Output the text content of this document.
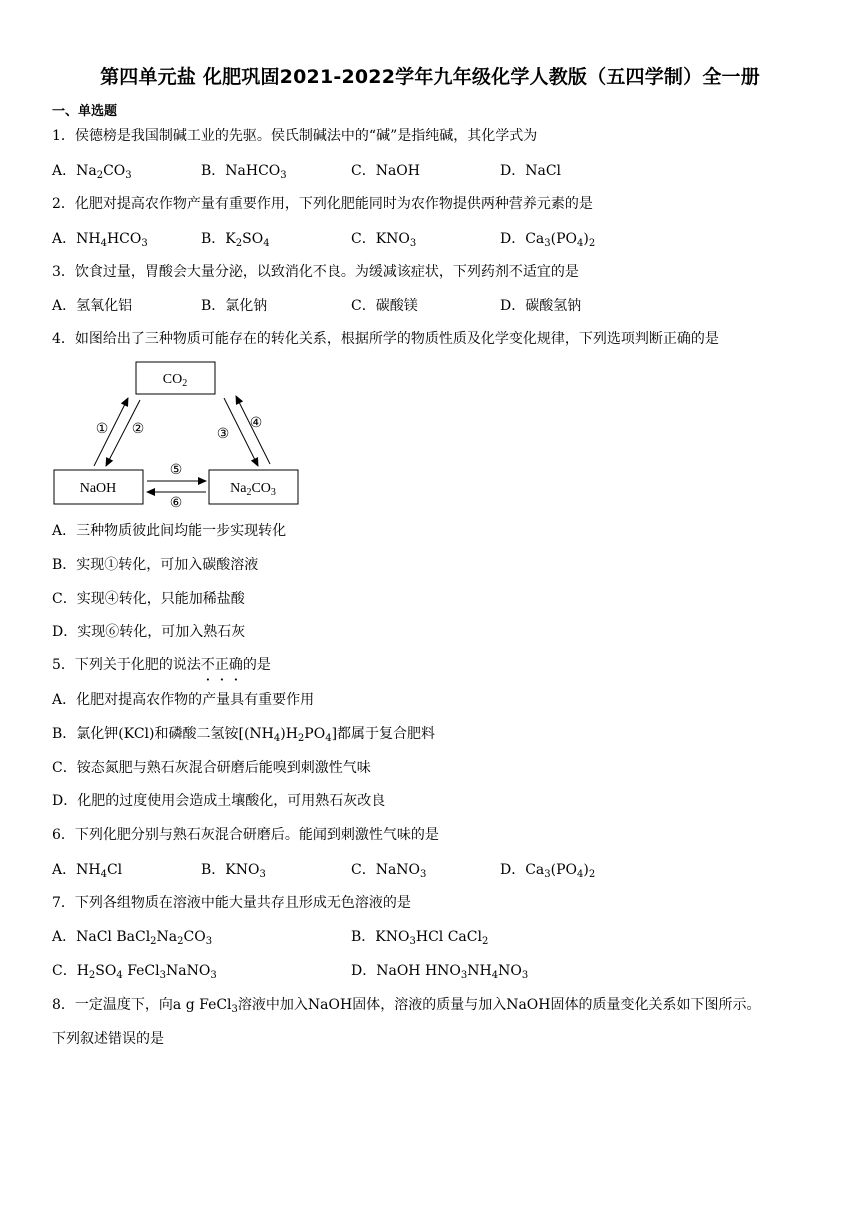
第四单元盐 化肥巩固2021-2022学年九年级化学人教版（五四学制）全一册
一、单选题
1．侯德榜是我国制碱工业的先驱。侯氏制碱法中的“碱”是指纯碱，其化学式为
A．$Na_2CO_3$	B．NaHCO$_3$	C．NaOH	D．NaCl
2．化肥对提高农作物产量有重要作用，下列化肥能同时为农作物提供两种营养元素的是
A．$NH_4HCO_3$	B．$K_2SO_4$	C．$KNO_3$	D．$Ca_3(PO_4)_2$
3．饮食过量，胃酸会大量分泌，以致消化不良。为缓减该症状，下列药剂不适宜的是
A．氢氧化铝	B．氯化钠	C．碳酸镁	D．碳酸氢钠
4．如图给出了三种物质可能存在的转化关系，根据所学的物质性质及化学变化规律，下列选项判断正确的是
$CO_2$
NaOH	$Na_2CO_3$
① ②	③
④
⑤
⑥
A．三种物质彼此间均能一步实现转化
B．实现①转化，可加入碳酸溶液
C．实现④转化，只能加稀盐酸
D．实现⑥转化，可加入熟石灰
5．下列关于化肥的说法不正确的是
A．化肥对提高农作物的产量具有重要作用
B．氯化钾(KCl)和磷酸二氢铵$[(NH_4)H_2PO_4]$都属于复合肥料
C．铵态氮肥与熟石灰混合研磨后能嗅到刺激性气味
D．化肥的过度使用会造成土壤酸化，可用熟石灰改良
6．下列化肥分别与熟石灰混合研磨后。能闻到刺激性气味的是
A．$NH_4Cl$	B．$KNO_3$	C．NaNO$_3$	D．$Ca_3(PO_4)_2$
7．下列各组物质在溶液中能大量共存且形成无色溶液的是
A．NaCl $BaCl_2Na_2CO_3$	B．$KNO_3HCl$ CaCl$_2$
C．$H_2SO_4$ FeCl$_3$NaNO$_3$	D．NaOH $HNO_3NH_4NO_3$
8．一定温度下，向a g FeCl$_3$溶液中加入NaOH固体，溶液的质量与加入NaOH固体的质量变化关系如下图所示。
下列叙述错误的是
